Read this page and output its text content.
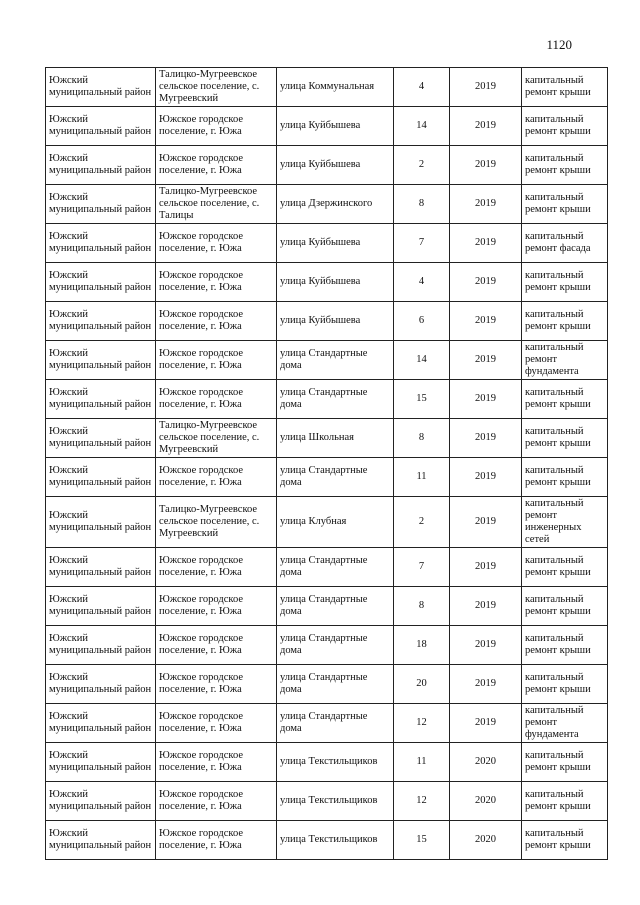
1120
Южский муниципальный район	Талицко-Мугреевское сельское поселение, с. Мугреевский	улица Коммунальная	4	2019	капитальный ремонт крыши
Южский муниципальный район	Южское городское поселение, г. Южа	улица Куйбышева	14	2019	капитальный ремонт крыши
Южский муниципальный район	Южское городское поселение, г. Южа	улица Куйбышева	2	2019	капитальный ремонт крыши
Южский муниципальный район	Талицко-Мугреевское сельское поселение, с. Талицы	улица Дзержинского	8	2019	капитальный ремонт крыши
Южский муниципальный район	Южское городское поселение, г. Южа	улица Куйбышева	7	2019	капитальный ремонт фасада
Южский муниципальный район	Южское городское поселение, г. Южа	улица Куйбышева	4	2019	капитальный ремонт крыши
Южский муниципальный район	Южское городское поселение, г. Южа	улица Куйбышева	6	2019	капитальный ремонт крыши
Южский муниципальный район	Южское городское поселение, г. Южа	улица Стандартные дома	14	2019	капитальный ремонт фундамента
Южский муниципальный район	Южское городское поселение, г. Южа	улица Стандартные дома	15	2019	капитальный ремонт крыши
Южский муниципальный район	Талицко-Мугреевское сельское поселение, с. Мугреевский	улица Школьная	8	2019	капитальный ремонт крыши
Южский муниципальный район	Южское городское поселение, г. Южа	улица Стандартные дома	11	2019	капитальный ремонт крыши
Южский муниципальный район	Талицко-Мугреевское сельское поселение, с. Мугреевский	улица Клубная	2	2019	капитальный ремонт инженерных сетей
Южский муниципальный район	Южское городское поселение, г. Южа	улица Стандартные дома	7	2019	капитальный ремонт крыши
Южский муниципальный район	Южское городское поселение, г. Южа	улица Стандартные дома	8	2019	капитальный ремонт крыши
Южский муниципальный район	Южское городское поселение, г. Южа	улица Стандартные дома	18	2019	капитальный ремонт крыши
Южский муниципальный район	Южское городское поселение, г. Южа	улица Стандартные дома	20	2019	капитальный ремонт крыши
Южский муниципальный район	Южское городское поселение, г. Южа	улица Стандартные дома	12	2019	капитальный ремонт фундамента
Южский муниципальный район	Южское городское поселение, г. Южа	улица Текстильщиков	11	2020	капитальный ремонт крыши
Южский муниципальный район	Южское городское поселение, г. Южа	улица Текстильщиков	12	2020	капитальный ремонт крыши
Южский муниципальный район	Южское городское поселение, г. Южа	улица Текстильщиков	15	2020	капитальный ремонт крыши
